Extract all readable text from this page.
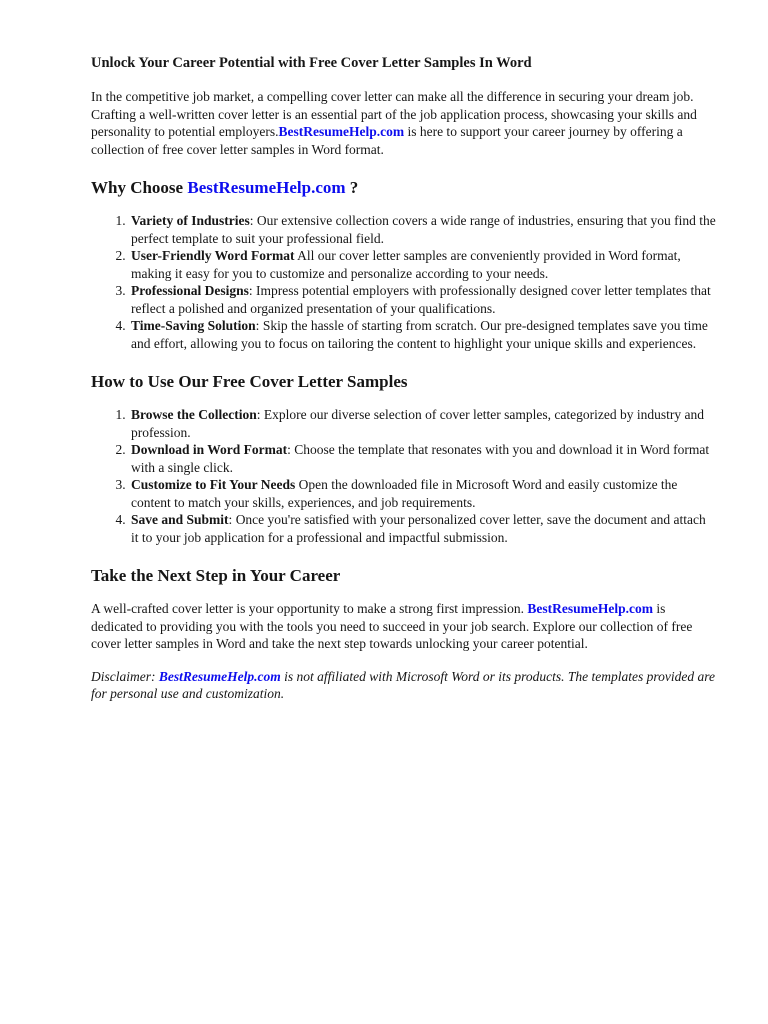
Unlock Your Career Potential with Free Cover Letter Samples In Word

In the competitive job market, a compelling cover letter can make all the difference in securing your dream job. Crafting a well-written cover letter is an essential part of the job application process, showcasing your skills and personality to potential employers.BestResumeHelp.com is here to support your career journey by offering a collection of free cover letter samples in Word format.

Why Choose BestResumeHelp.com ?
1. Variety of Industries: Our extensive collection covers a wide range of industries, ensuring that you find the perfect template to suit your professional field.
2. User-Friendly Word Format All our cover letter samples are conveniently provided in Word format, making it easy for you to customize and personalize according to your needs.
3. Professional Designs: Impress potential employers with professionally designed cover letter templates that reflect a polished and organized presentation of your qualifications.
4. Time-Saving Solution: Skip the hassle of starting from scratch. Our pre-designed templates save you time and effort, allowing you to focus on tailoring the content to highlight your unique skills and experiences.
How to Use Our Free Cover Letter Samples
1. Browse the Collection: Explore our diverse selection of cover letter samples, categorized by industry and profession.
2. Download in Word Format: Choose the template that resonates with you and download it in Word format with a single click.
3. Customize to Fit Your Needs Open the downloaded file in Microsoft Word and easily customize the content to match your skills, experiences, and job requirements.
4. Save and Submit: Once you're satisfied with your personalized cover letter, save the document and attach it to your job application for a professional and impactful submission.
Take the Next Step in Your Career

A well-crafted cover letter is your opportunity to make a strong first impression. BestResumeHelp.com is dedicated to providing you with the tools you need to succeed in your job search. Explore our collection of free cover letter samples in Word and take the next step towards unlocking your career potential.

Disclaimer: BestResumeHelp.com is not affiliated with Microsoft Word or its products. The templates provided are for personal use and customization.
